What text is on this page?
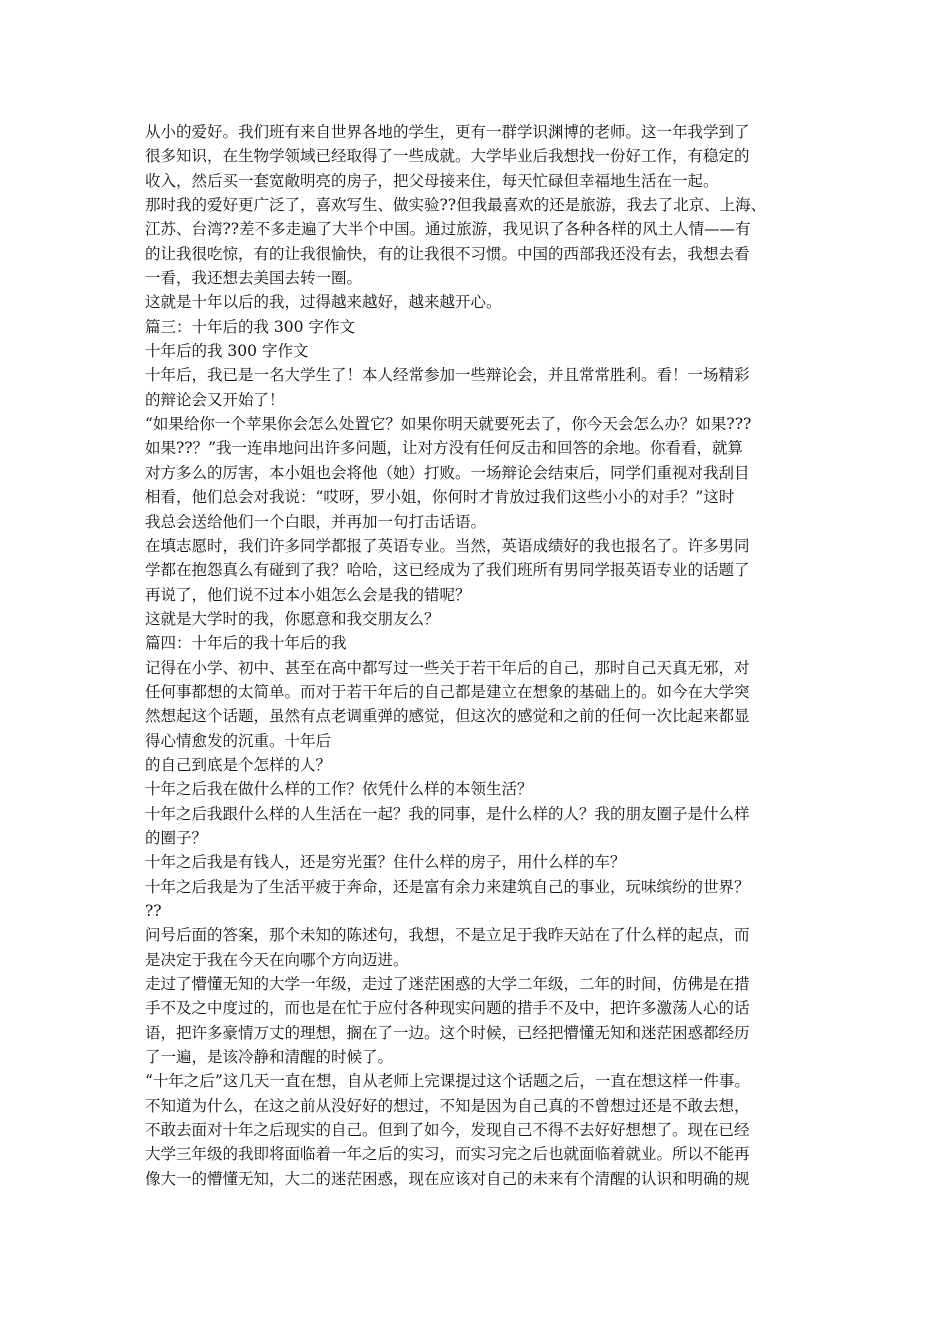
从小的爱好。我们班有来自世界各地的学生，更有一群学识渊博的老师。这一年我学到了
很多知识，在生物学领域已经取得了一些成就。大学毕业后我想找一份好工作，有稳定的
收入，然后买一套宽敞明亮的房子，把父母接来住，每天忙碌但幸福地生活在一起。
那时我的爱好更广泛了，喜欢写生、做实验??但我最喜欢的还是旅游，我去了北京、上海、
江苏、台湾??差不多走遍了大半个中国。通过旅游，我见识了各种各样的风土人情——有
的让我很吃惊，有的让我很愉快，有的让我很不习惯。中国的西部我还没有去，我想去看
一看，我还想去美国去转一圈。
这就是十年以后的我，过得越来越好，越来越开心。
篇三：十年后的我 300 字作文
十年后的我 300 字作文
十年后，我已是一名大学生了！本人经常参加一些辩论会，并且常常胜利。看！一场精彩
的辩论会又开始了！
“如果给你一个苹果你会怎么处置它？如果你明天就要死去了，你今天会怎么办？如果???
如果??？”我一连串地问出许多问题，让对方没有任何反击和回答的余地。你看看，就算
对方多么的厉害，本小姐也会将他（她）打败。一场辩论会结束后，同学们重视对我刮目
相看，他们总会对我说：“哎呀，罗小姐，你何时才肯放过我们这些小小的对手？”这时
我总会送给他们一个白眼，并再加一句打击话语。
在填志愿时，我们许多同学都报了英语专业。当然，英语成绩好的我也报名了。许多男同
学都在抱怨真么有碰到了我？哈哈，这已经成为了我们班所有男同学报英语专业的话题了
再说了，他们说不过本小姐怎么会是我的错呢？
这就是大学时的我，你愿意和我交朋友么？
篇四：十年后的我十年后的我
记得在小学、初中、甚至在高中都写过一些关于若干年后的自己，那时自己天真无邪，对
任何事都想的太简单。而对于若干年后的自己都是建立在想象的基础上的。如今在大学突
然想起这个话题，虽然有点老调重弹的感觉，但这次的感觉和之前的任何一次比起来都显
得心情愈发的沉重。十年后
的自己到底是个怎样的人？
十年之后我在做什么样的工作？依凭什么样的本领生活？
十年之后我跟什么样的人生活在一起？我的同事，是什么样的人？我的朋友圈子是什么样
的圈子？
十年之后我是有钱人，还是穷光蛋？住什么样的房子，用什么样的车？
十年之后我是为了生活平疲于奔命，还是富有余力来建筑自己的事业，玩味缤纷的世界？
??
问号后面的答案，那个未知的陈述句，我想，不是立足于我昨天站在了什么样的起点，而
是决定于我在今天在向哪个方向迈进。
走过了懵懂无知的大学一年级，走过了迷茫困惑的大学二年级，二年的时间，仿佛是在措
手不及之中度过的，而也是在忙于应付各种现实问题的措手不及中，把许多激荡人心的话
语，把许多豪情万丈的理想，搁在了一边。这个时候，已经把懵懂无知和迷茫困惑都经历
了一遍，是该冷静和清醒的时候了。
“十年之后”这几天一直在想，自从老师上完课提过这个话题之后，一直在想这样一件事。
不知道为什么，在这之前从没好好的想过，不知是因为自己真的不曾想过还是不敢去想，
不敢去面对十年之后现实的自己。但到了如今，发现自己不得不去好好想想了。现在已经
大学三年级的我即将面临着一年之后的实习，而实习完之后也就面临着就业。所以不能再
像大一的懵懂无知，大二的迷茫困惑，现在应该对自己的未来有个清醒的认识和明确的规
